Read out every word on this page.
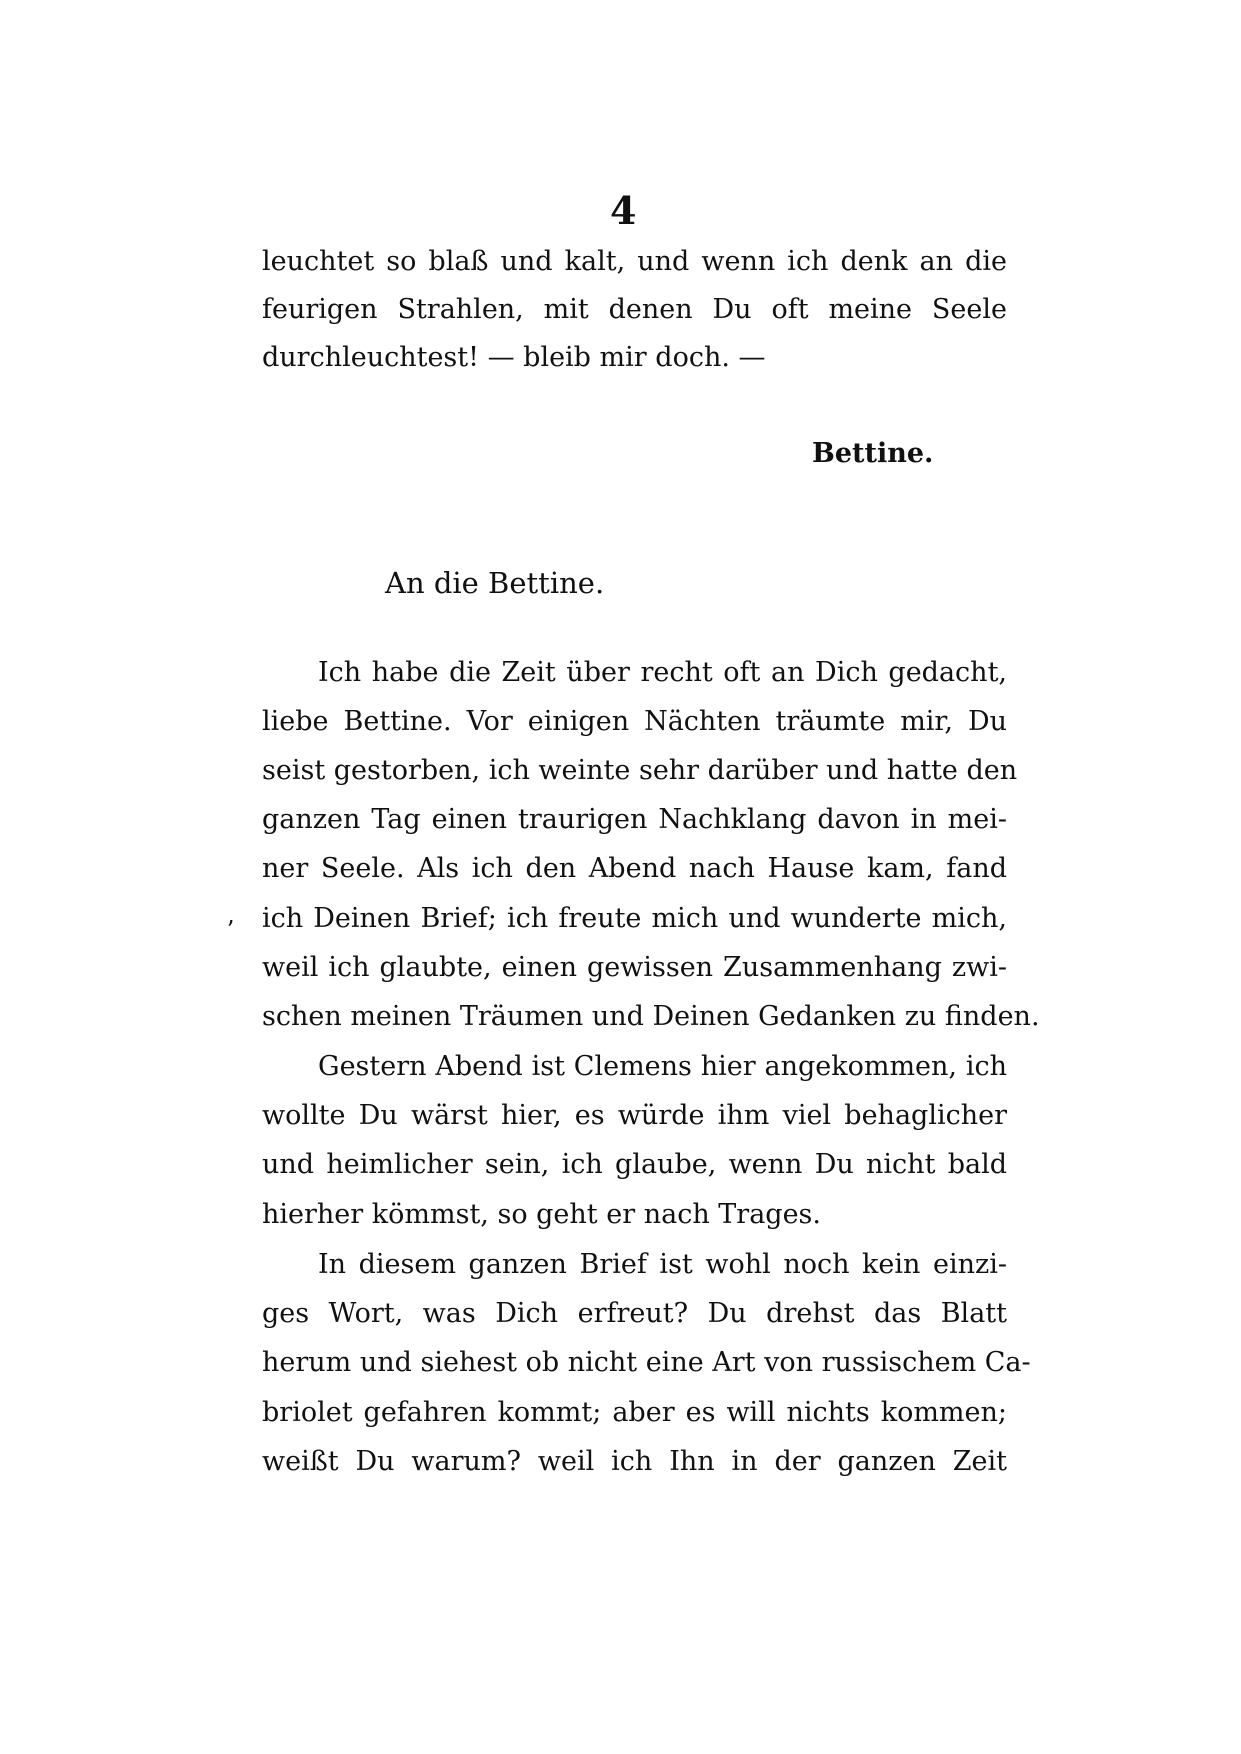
4
leuchtet so blaß und kalt, und wenn ich denk an die
feurigen Strahlen, mit denen Du oft meine Seele
durchleuchtest! — bleib mir doch. —
Bettine.
An die Bettine.
Ich habe die Zeit über recht oft an Dich gedacht,
liebe Bettine. Vor einigen Nächten träumte mir, Du
seist gestorben, ich weinte sehr darüber und hatte den
ganzen Tag einen traurigen Nachklang davon in mei-
ner Seele. Als ich den Abend nach Hause kam, fand
ʼ ich Deinen Brief; ich freute mich und wunderte mich,
weil ich glaubte, einen gewissen Zusammenhang zwi-
schen meinen Träumen und Deinen Gedanken zu finden.
Gestern Abend ist Clemens hier angekommen, ich
wollte Du wärst hier, es würde ihm viel behaglicher
und heimlicher sein, ich glaube, wenn Du nicht bald
hierher kömmst, so geht er nach Trages.
In diesem ganzen Brief ist wohl noch kein einzi-
ges Wort, was Dich erfreut? Du drehst das Blatt
herum und siehest ob nicht eine Art von russischem Ca-
briolet gefahren kommt; aber es will nichts kommen;
weißt Du warum? weil ich Ihn in der ganzen Zeit
